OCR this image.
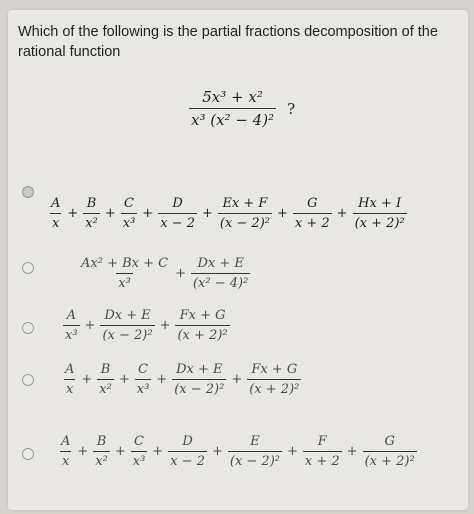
Which of the following is the partial fractions decomposition of the rational function
$\frac{\text{5x³ + x²}}{\text{x³ (x² − 4)²}}$ ?
$\frac{A}{x} + \frac{B}{\text{x²}} + \frac{C}{\text{x³}} + \frac{D}{x - 2} + \frac{Ex + F}{\text{(x − 2)²}} + \frac{G}{x + 2} + \frac{Hx + I}{\text{(x + 2)²}}$
$\frac{\text{Ax² + Bx + C}}{\text{x³}} + \frac{Dx + E}{\text{(x² − 4)²}}$
$\frac{A}{\text{x³}} + \frac{Dx + E}{\text{(x − 2)²}} + \frac{Fx + G}{\text{(x + 2)²}}$
$\frac{A}{x} + \frac{B}{\text{x²}} + \frac{C}{\text{x³}} + \frac{Dx + E}{\text{(x − 2)²}} + \frac{Fx + G}{\text{(x + 2)²}}$
$\frac{A}{x} + \frac{B}{\text{x²}} + \frac{C}{\text{x³}} + \frac{D}{x - 2} + \frac{E}{\text{(x − 2)²}} + \frac{F}{x + 2} + \frac{G}{\text{(x + 2)²}}$
